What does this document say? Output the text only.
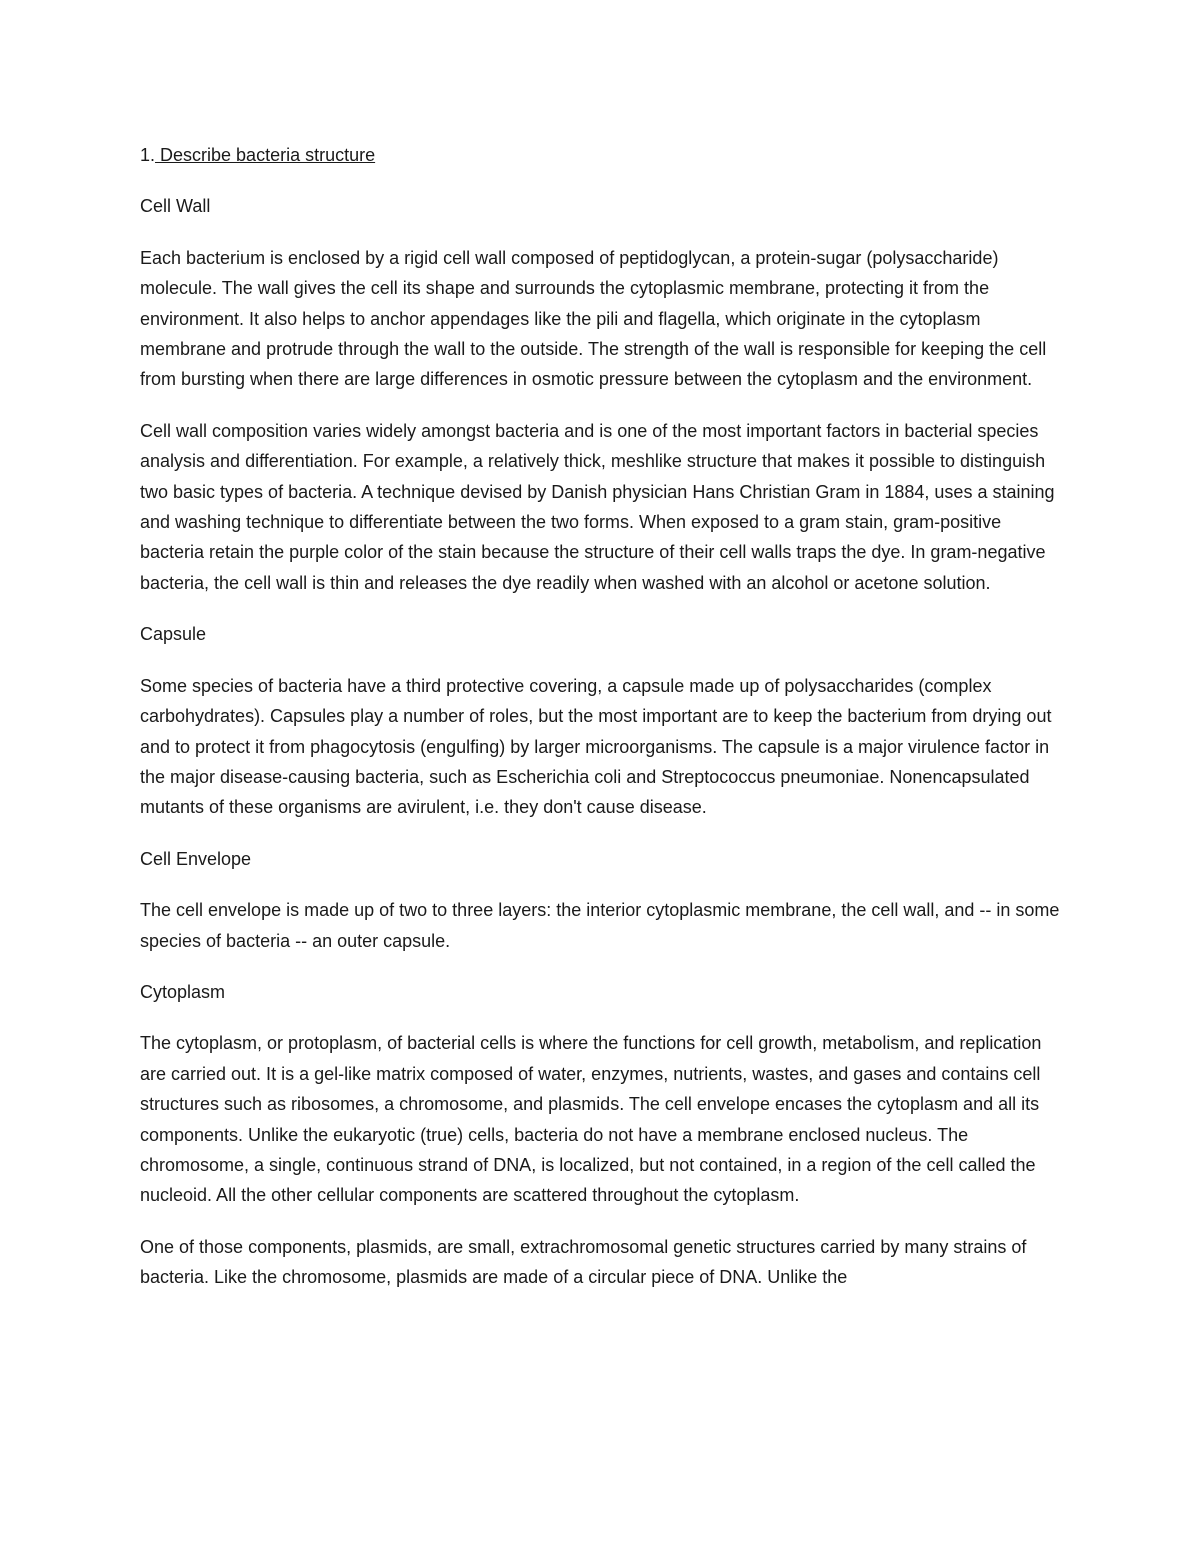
1. Describe bacteria structure

Cell Wall

Each bacterium is enclosed by a rigid cell wall composed of peptidoglycan, a protein-sugar (polysaccharide) molecule. The wall gives the cell its shape and surrounds the cytoplasmic membrane, protecting it from the environment. It also helps to anchor appendages like the pili and flagella, which originate in the cytoplasm membrane and protrude through the wall to the outside. The strength of the wall is responsible for keeping the cell from bursting when there are large differences in osmotic pressure between the cytoplasm and the environment.

Cell wall composition varies widely amongst bacteria and is one of the most important factors in bacterial species analysis and differentiation. For example, a relatively thick, meshlike structure that makes it possible to distinguish two basic types of bacteria. A technique devised by Danish physician Hans Christian Gram in 1884, uses a staining and washing technique to differentiate between the two forms. When exposed to a gram stain, gram-positive bacteria retain the purple color of the stain because the structure of their cell walls traps the dye. In gram-negative bacteria, the cell wall is thin and releases the dye readily when washed with an alcohol or acetone solution.

Capsule

Some species of bacteria have a third protective covering, a capsule made up of polysaccharides (complex carbohydrates). Capsules play a number of roles, but the most important are to keep the bacterium from drying out and to protect it from phagocytosis (engulfing) by larger microorganisms. The capsule is a major virulence factor in the major disease-causing bacteria, such as Escherichia coli and Streptococcus pneumoniae. Nonencapsulated mutants of these organisms are avirulent, i.e. they don't cause disease.

Cell Envelope

The cell envelope is made up of two to three layers: the interior cytoplasmic membrane, the cell wall, and -- in some species of bacteria -- an outer capsule.

Cytoplasm

The cytoplasm, or protoplasm, of bacterial cells is where the functions for cell growth, metabolism, and replication are carried out. It is a gel-like matrix composed of water, enzymes, nutrients, wastes, and gases and contains cell structures such as ribosomes, a chromosome, and plasmids. The cell envelope encases the cytoplasm and all its components. Unlike the eukaryotic (true) cells, bacteria do not have a membrane enclosed nucleus. The chromosome, a single, continuous strand of DNA, is localized, but not contained, in a region of the cell called the nucleoid. All the other cellular components are scattered throughout the cytoplasm.

One of those components, plasmids, are small, extrachromosomal genetic structures carried by many strains of bacteria. Like the chromosome, plasmids are made of a circular piece of DNA. Unlike the
